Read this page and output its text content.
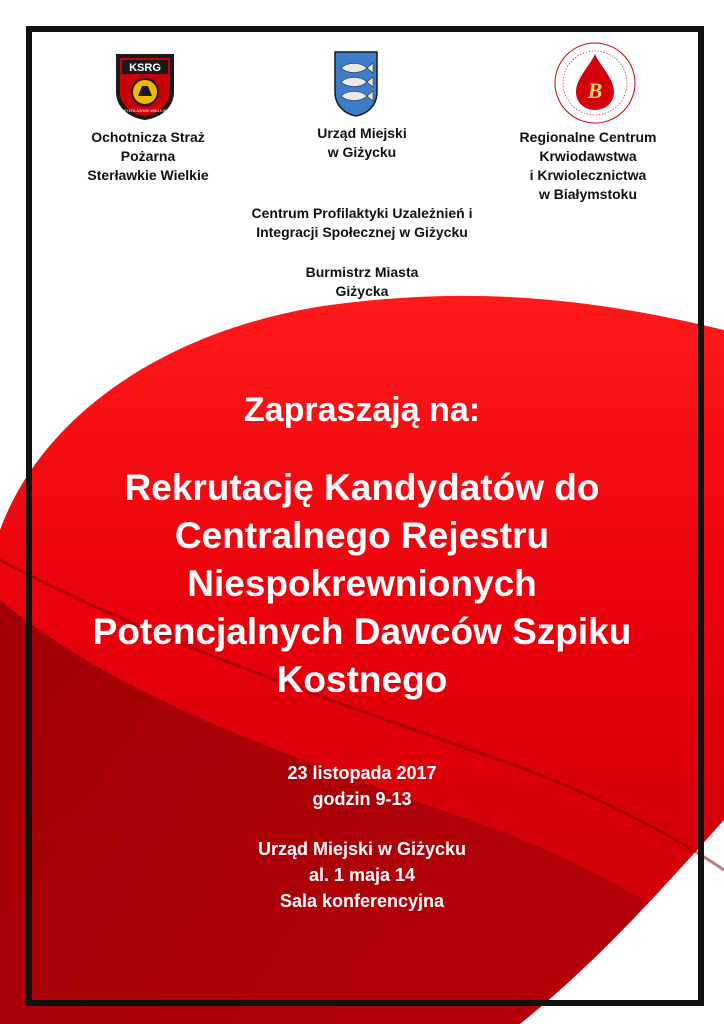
KSRG
STERŁAWKIE WIELKIE
B
Ochotnicza Straż
Pożarna
Sterławkie Wielkie
Urząd Miejski
w Giżycku
Regionalne Centrum
Krwiodawstwa
i Krwiolecznictwa
w Białymstoku
Centrum Profilaktyki Uzależnień i
Integracji Społecznej w Giżycku
Burmistrz Miasta
Giżycka
Zapraszają na:
Rekrutację Kandydatów do
Centralnego Rejestru
Niespokrewnionych
Potencjalnych Dawców Szpiku
Kostnego
23 listopada 2017
godzin 9-13
Urząd Miejski w Giżycku
al. 1 maja 14
Sala konferencyjna
